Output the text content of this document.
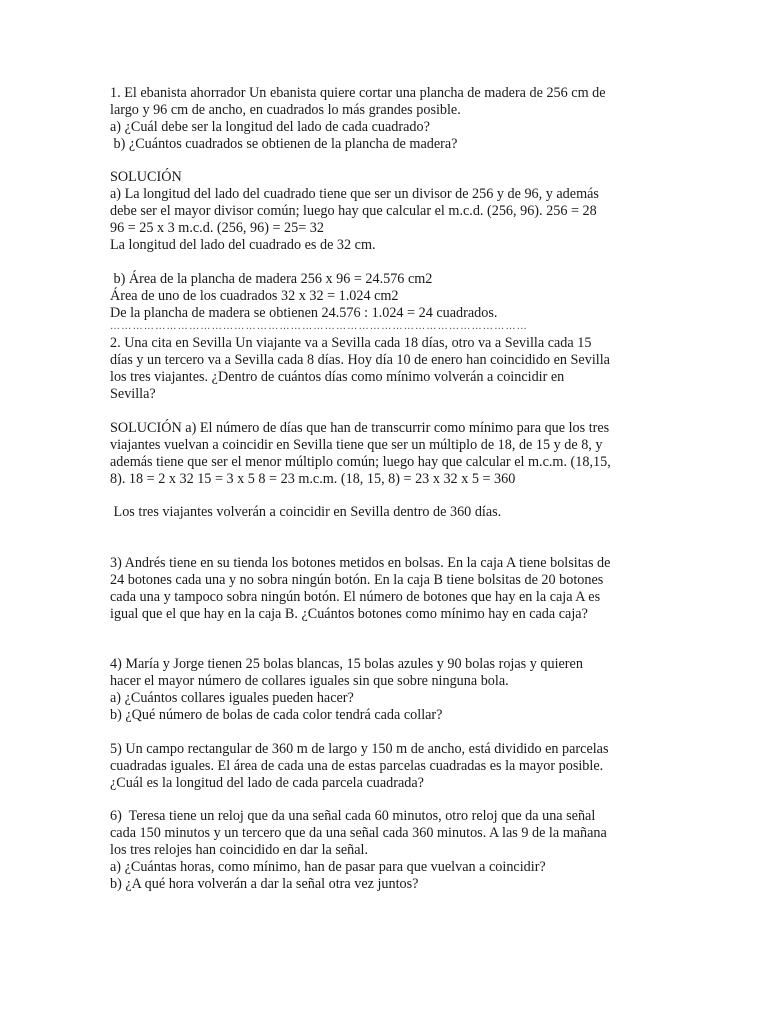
1. El ebanista ahorrador Un ebanista quiere cortar una plancha de madera de 256 cm de
largo y 96 cm de ancho, en cuadrados lo más grandes posible.
a) ¿Cuál debe ser la longitud del lado de cada cuadrado?
b) ¿Cuántos cuadrados se obtienen de la plancha de madera?
SOLUCIÓN
a) La longitud del lado del cuadrado tiene que ser un divisor de 256 y de 96, y además
debe ser el mayor divisor común; luego hay que calcular el m.c.d. (256, 96). 256 = 28
96 = 25 x 3 m.c.d. (256, 96) = 25= 32
La longitud del lado del cuadrado es de 32 cm.
b) Área de la plancha de madera 256 x 96 = 24.576 cm2
Área de uno de los cuadrados 32 x 32 = 1.024 cm2
De la plancha de madera se obtienen 24.576 : 1.024 = 24 cuadrados.
…………………………………………………………………………………………………
2. Una cita en Sevilla Un viajante va a Sevilla cada 18 días, otro va a Sevilla cada 15
días y un tercero va a Sevilla cada 8 días. Hoy día 10 de enero han coincidido en Sevilla
los tres viajantes. ¿Dentro de cuántos días como mínimo volverán a coincidir en
Sevilla?
SOLUCIÓN a) El número de días que han de transcurrir como mínimo para que los tres
viajantes vuelvan a coincidir en Sevilla tiene que ser un múltiplo de 18, de 15 y de 8, y
además tiene que ser el menor múltiplo común; luego hay que calcular el m.c.m. (18,15,
8). 18 = 2 x 32 15 = 3 x 5 8 = 23 m.c.m. (18, 15, 8) = 23 x 32 x 5 = 360
Los tres viajantes volverán a coincidir en Sevilla dentro de 360 días.
3) Andrés tiene en su tienda los botones metidos en bolsas. En la caja A tiene bolsitas de
24 botones cada una y no sobra ningún botón. En la caja B tiene bolsitas de 20 botones
cada una y tampoco sobra ningún botón. El número de botones que hay en la caja A es
igual que el que hay en la caja B. ¿Cuántos botones como mínimo hay en cada caja?
4) María y Jorge tienen 25 bolas blancas, 15 bolas azules y 90 bolas rojas y quieren
hacer el mayor número de collares iguales sin que sobre ninguna bola.
a) ¿Cuántos collares iguales pueden hacer?
b) ¿Qué número de bolas de cada color tendrá cada collar?
5) Un campo rectangular de 360 m de largo y 150 m de ancho, está dividido en parcelas
cuadradas iguales. El área de cada una de estas parcelas cuadradas es la mayor posible.
¿Cuál es la longitud del lado de cada parcela cuadrada?
6)  Teresa tiene un reloj que da una señal cada 60 minutos, otro reloj que da una señal
cada 150 minutos y un tercero que da una señal cada 360 minutos. A las 9 de la mañana
los tres relojes han coincidido en dar la señal.
a) ¿Cuántas horas, como mínimo, han de pasar para que vuelvan a coincidir?
b) ¿A qué hora volverán a dar la señal otra vez juntos?
